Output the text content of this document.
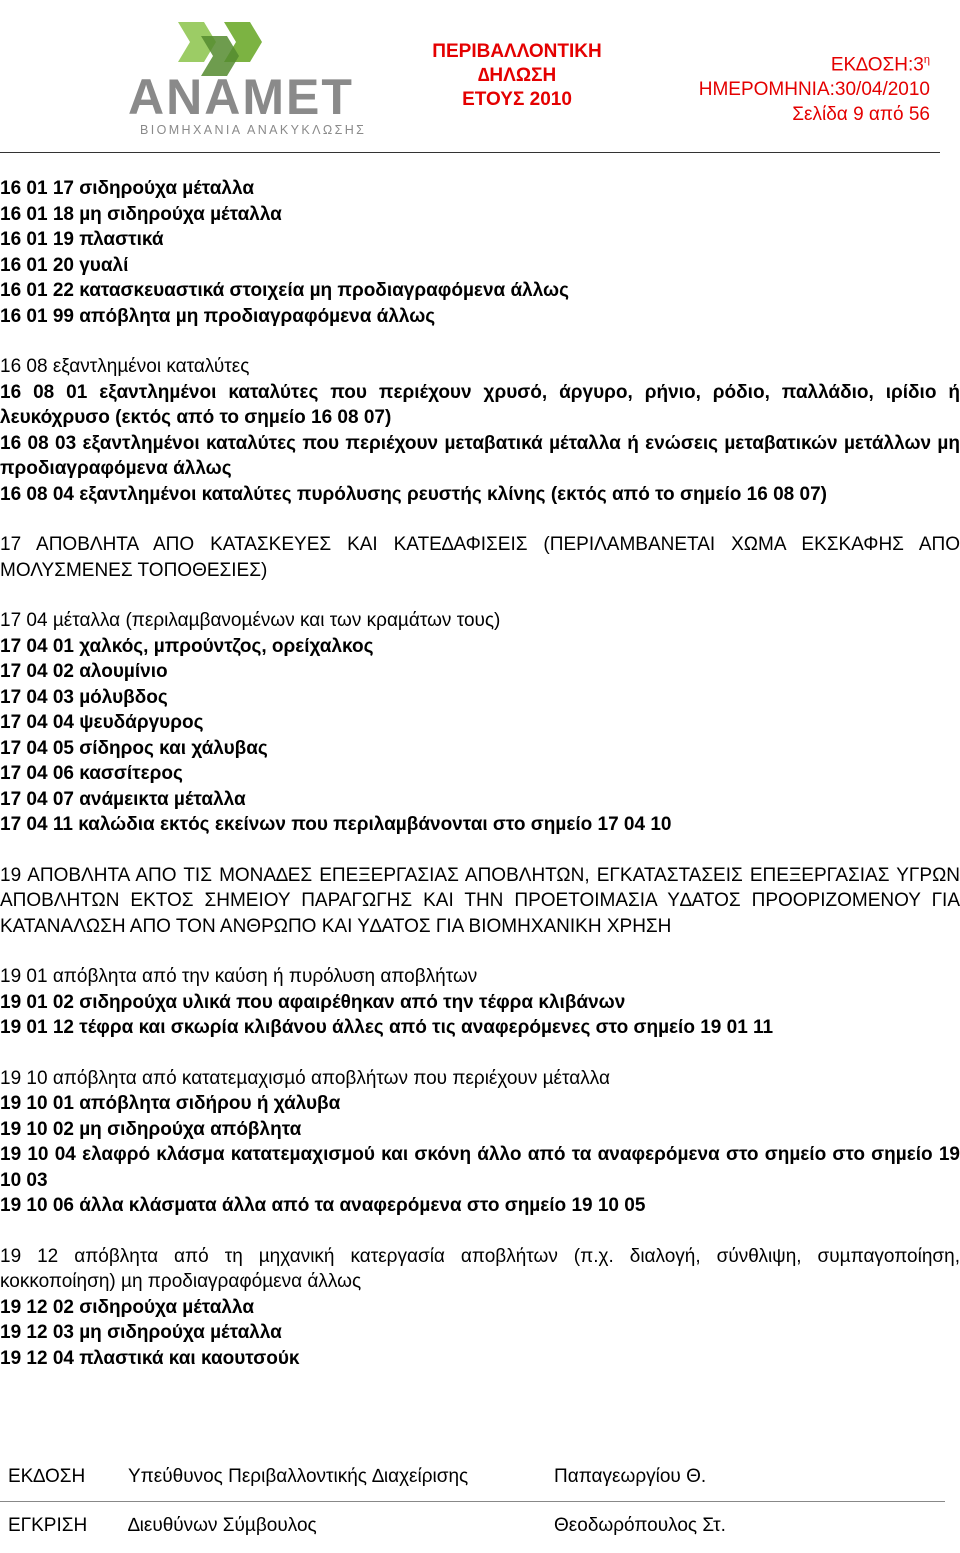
ANAMET
ΒΙΟΜΗΧΑΝΙΑ ΑΝΑΚΥΚΛΩΣΗΣ
ΠΕΡΙΒΑΛΛΟΝΤΙΚΗ
∆ΗΛΩΣΗ
ΕΤΟΥΣ 2010
$EK\Delta O\Sigma H:3^\eta$
ΗΜΕΡΟΜΗΝΙΑ:30/04/2010
Σελίδα 9 από 56

16 01 17 σιδηρούχα µέταλλα

16 01 18 µη σιδηρούχα µέταλλα

16 01 19 πλαστικά

16 01 20 γυαλί

16 01 22 κατασκευαστικά στοιχεία µη προδιαγραφόµενα άλλως

16 01 99 απόβλητα µη προδιαγραφόµενα άλλως

16 08 εξαντληµένοι καταλύτες

16 08 01 εξαντληµένοι καταλύτες που περιέχουν χρυσό, άργυρο, ρήνιο, ρόδιο, παλλάδιο, ιρίδιο ή λευκόχρυσο (εκτός από το σηµείο 16 08 07)

16 08 03 εξαντληµένοι καταλύτες που περιέχουν µεταβατικά µέταλλα ή ενώσεις µεταβατικών µετάλλων µη προδιαγραφόµενα άλλως

16 08 04 εξαντληµένοι καταλύτες πυρόλυσης ρευστής κλίνης (εκτός από το σηµείο 16 08 07)

17 ΑΠΟΒΛΗΤΑ ΑΠΟ ΚΑΤΑΣΚΕΥΕΣ ΚΑΙ ΚΑΤΕ∆ΑΦΙΣΕΙΣ (ΠΕΡΙΛΑΜΒΑΝΕΤΑΙ ΧΩΜΑ ΕΚΣΚΑΦΗΣ ΑΠΟ ΜΟΛΥΣΜΕΝΕΣ ΤΟΠΟΘΕΣΙΕΣ)

17 04 µέταλλα (περιλαµβανοµένων και των κραµάτων τους)

17 04 01 χαλκός, µπρούντζος, ορείχαλκος

17 04 02 αλουµίνιο

17 04 03 µόλυβδος

17 04 04 ψευδάργυρος

17 04 05 σίδηρος και χάλυβας

17 04 06 κασσίτερος

17 04 07 ανάµεικτα µέταλλα

17 04 11 καλώδια εκτός εκείνων που περιλαµβάνονται στο σηµείο 17 04 10

19 ΑΠΟΒΛΗΤΑ ΑΠΟ ΤΙΣ ΜΟΝΑ∆ΕΣ ΕΠΕΞΕΡΓΑΣΙΑΣ ΑΠΟΒΛΗΤΩΝ, ΕΓΚΑΤΑΣΤΑΣΕΙΣ ΕΠΕΞΕΡΓΑΣΙΑΣ ΥΓΡΩΝ ΑΠΟΒΛΗΤΩΝ ΕΚΤΟΣ ΣΗΜΕΙΟΥ ΠΑΡΑΓΩΓΗΣ ΚΑΙ ΤΗΝ ΠΡΟΕΤΟΙΜΑΣΙΑ Υ∆ΑΤΟΣ ΠΡΟΟΡΙΖΟΜΕΝΟΥ ΓΙΑ ΚΑΤΑΝΑΛΩΣΗ ΑΠΟ ΤΟΝ ΑΝΘΡΩΠΟ ΚΑΙ Υ∆ΑΤΟΣ ΓΙΑ ΒΙΟΜΗΧΑΝΙΚΗ ΧΡΗΣΗ

19 01 απόβλητα από την καύση ή πυρόλυση αποβλήτων

19 01 02 σιδηρούχα υλικά που αφαιρέθηκαν από την τέφρα κλιβάνων

19 01 12 τέφρα και σκωρία κλιβάνου άλλες από τις αναφερόµενες στο σηµείο 19 01 11

19 10 απόβλητα από κατατεµαχισµό αποβλήτων που περιέχουν µέταλλα

19 10 01 απόβλητα σιδήρου ή χάλυβα

19 10 02 µη σιδηρούχα απόβλητα

19 10 04 ελαφρό κλάσµα κατατεµαχισµού και σκόνη άλλο από τα αναφερόµενα στο σηµείο στο σηµείο 19 10 03

19 10 06 άλλα κλάσµατα άλλα από τα αναφερόµενα στο σηµείο 19 10 05

19 12 απόβλητα από τη µηχανική κατεργασία αποβλήτων (π.χ. διαλογή, σύνθλιψη, συµπαγοποίηση, κοκκοποίηση) µη προδιαγραφόµενα άλλως

19 12 02 σιδηρούχα µέταλλα

19 12 03 µη σιδηρούχα µέταλλα

19 12 04 πλαστικά και καουτσούκ

ΕΚ∆ΟΣΗ	Υπεύθυνος Περιβαλλοντικής ∆ιαχείρισης	Παπαγεωργίου Θ.
ΕΓΚΡΙΣΗ	∆ιευθύνων Σύµβουλος	Θεοδωρόπουλος Στ.
